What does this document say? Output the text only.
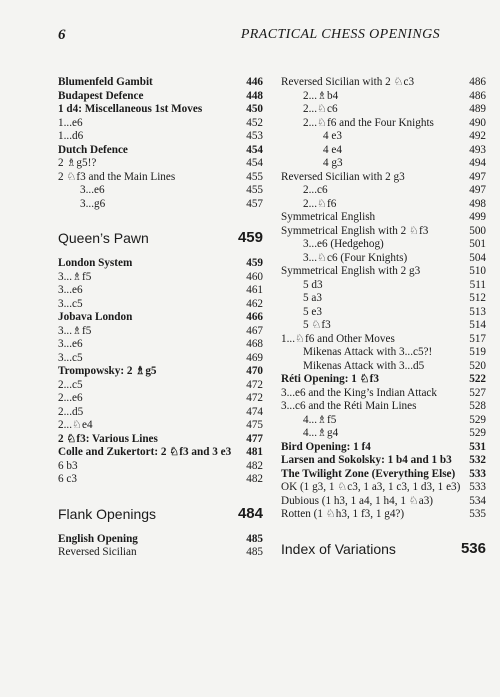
6	PRACTICAL CHESS OPENINGS
Blumenfeld Gambit	446
Budapest Defence	448
1 d4: Miscellaneous 1st Moves	450
1...e6	452
1...d6	453
Dutch Defence	454
2 ♗g5!?	454
2 ♘f3 and the Main Lines	455
3...e6	455
3...g6	457
Queen’s Pawn	459
London System	459
3...♗f5	460
3...e6	461
3...c5	462
Jobava London	466
3...♗f5	467
3...e6	468
3...c5	469
Trompowsky: 2 ♗g5	470
2...c5	472
2...e6	472
2...d5	474
2...♘e4	475
2 ♘f3: Various Lines	477
Colle and Zukertort: 2 ♘f3 and 3 e3 481
6 b3	482
6 c3	482
Flank Openings	484
English Opening	485
Reversed Sicilian	485
Reversed Sicilian with 2 ♘c3	486
2...♗b4	486
2...♘c6	489
2...♘f6 and the Four Knights	490
4 e3	492
4 e4	493
4 g3	494
Reversed Sicilian with 2 g3	497
2...c6	497
2...♘f6	498
Symmetrical English	499
Symmetrical English with 2 ♘f3	500
3...e6 (Hedgehog)	501
3...♘c6 (Four Knights)	504
Symmetrical English with 2 g3	510
5 d3	511
5 a3	512
5 e3	513
5 ♘f3	514
1...♘f6 and Other Moves	517
Mikenas Attack with 3...c5?!	519
Mikenas Attack with 3...d5	520
Réti Opening: 1 ♘f3	522
3...e6 and the King’s Indian Attack	527
3...c6 and the Réti Main Lines	528
4...♗f5	529
4...♗g4	529
Bird Opening: 1 f4	531
Larsen and Sokolsky: 1 b4 and 1 b3 532
The Twilight Zone (Everything Else) 533
OK (1 g3, 1 ♘c3, 1 a3, 1 c3, 1 d3, 1 e3) 533
Dubious (1 h3, 1 a4, 1 h4, 1 ♘a3)	534
Rotten (1 ♘h3, 1 f3, 1 g4?)	535
Index of Variations	536
